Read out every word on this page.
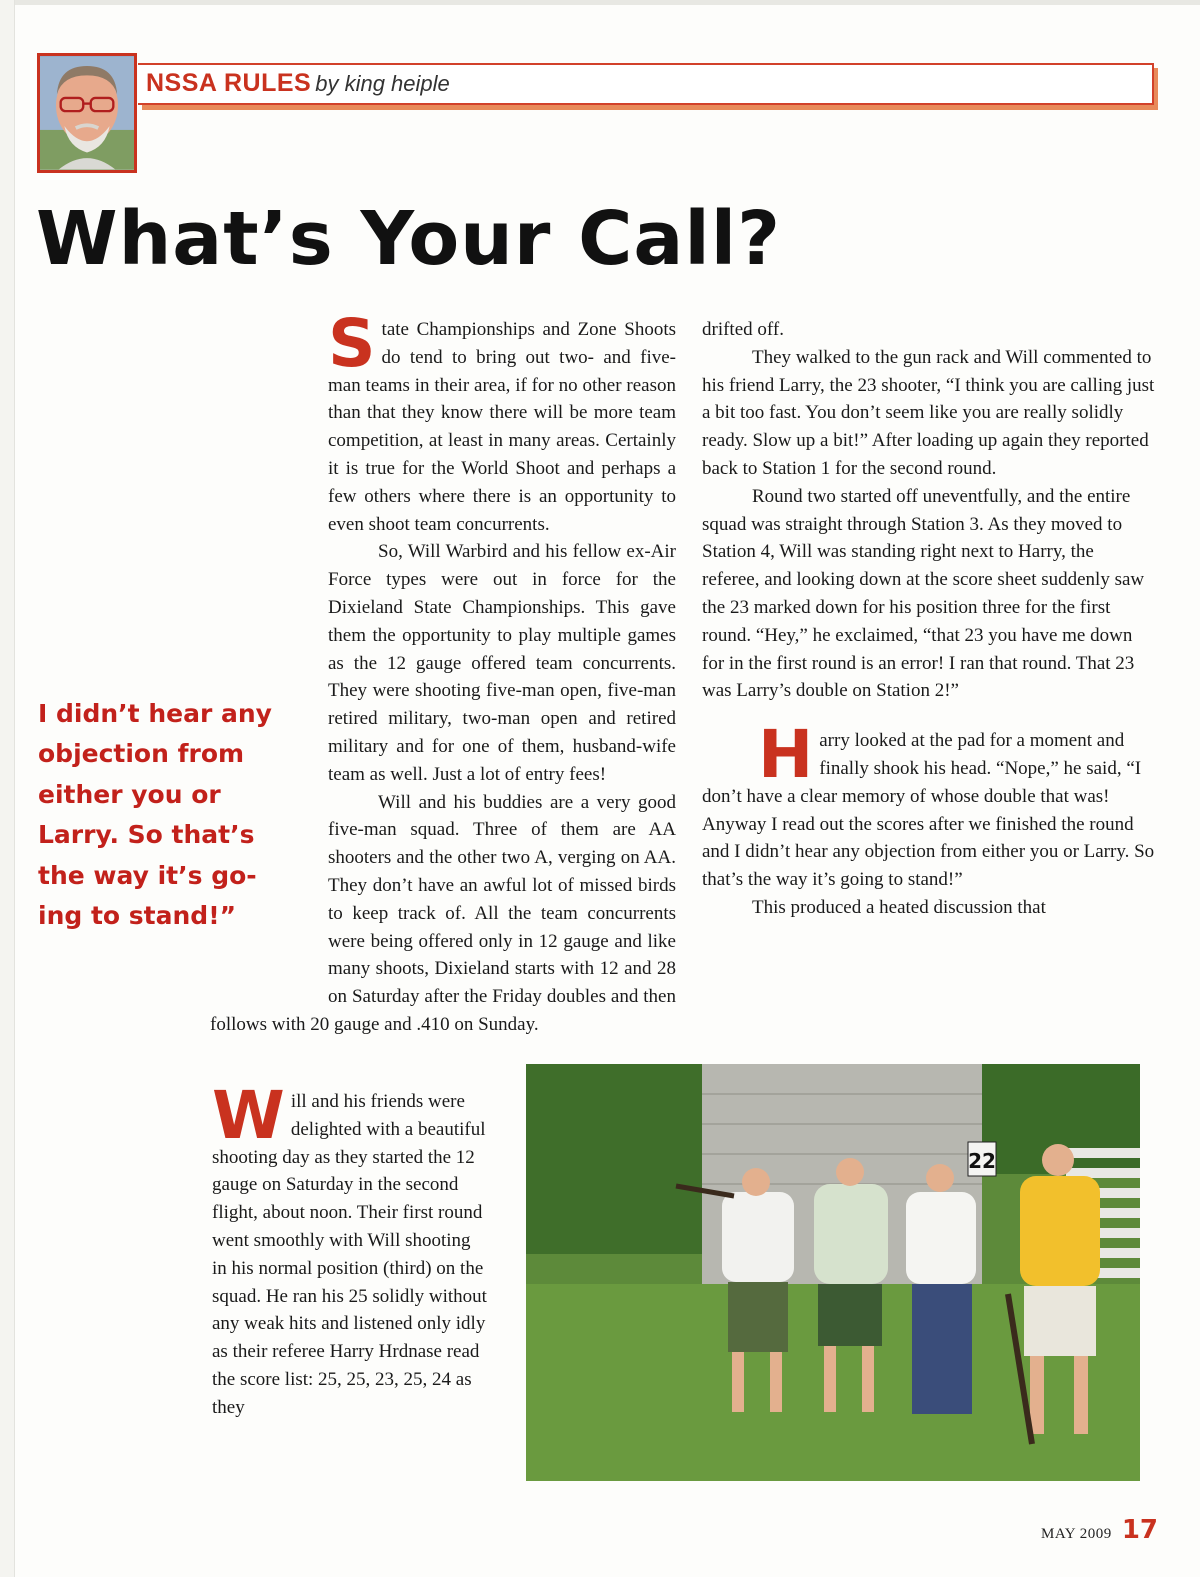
NSSA RULES by king heiple
What’s Your Call?

State Championships and Zone Shoots do tend to bring out two- and five-man teams in their area, if for no other reason than that they know there will be more team competition, at least in many areas. Certainly it is true for the World Shoot and perhaps a few others where there is an opportunity to even shoot team concurrents.

So, Will Warbird and his fellow ex-Air Force types were out in force for the Dixieland State Championships. This gave them the opportunity to play multiple games as the 12 gauge offered team concurrents. They were shooting five-man open, five-man retired military, two-man open and retired military and for one of them, husband-wife team as well. Just a lot of entry fees!

Will and his buddies are a very good five-man squad. Three of them are AA shooters and the other two A, verging on AA. They don’t have an awful lot of missed birds to keep track of. All the team concurrents were being offered only in 12 gauge and like many shoots, Dixieland starts with 12 and 28 on Saturday after the Friday doubles and then follows with 20 gauge and .410 on Sunday.

I didn’t hear any objection from either you or Larry. So that’s the way it’s go- ing to stand!”

Will and his friends were delighted with a beautiful shooting day as they started the 12 gauge on Saturday in the second flight, about noon. Their first round went smoothly with Will shooting in his normal position (third) on the squad. He ran his 25 solidly without any weak hits and listened only idly as their referee Harry Hrdnase read the score list: 25, 25, 23, 25, 24 as they

drifted off.

They walked to the gun rack and Will commented to his friend Larry, the 23 shooter, “I think you are calling just a bit too fast. You don’t seem like you are really solidly ready. Slow up a bit!” After loading up again they reported back to Station 1 for the second round.

Round two started off uneventfully, and the entire squad was straight through Station 3. As they moved to Station 4, Will was standing right next to Harry, the referee, and looking down at the score sheet suddenly saw the 23 marked down for his position three for the first round. “Hey,” he exclaimed, “that 23 you have me down for in the first round is an error! I ran that round. That 23 was Larry’s double on Station 2!”

Harry looked at the pad for a moment and finally shook his head. “Nope,” he said, “I don’t have a clear memory of whose double that was! Anyway I read out the scores after we finished the round and I didn’t hear any objection from either you or Larry. So that’s the way it’s going to stand!”

This produced a heated discussion that

22
MAY 2009 17
